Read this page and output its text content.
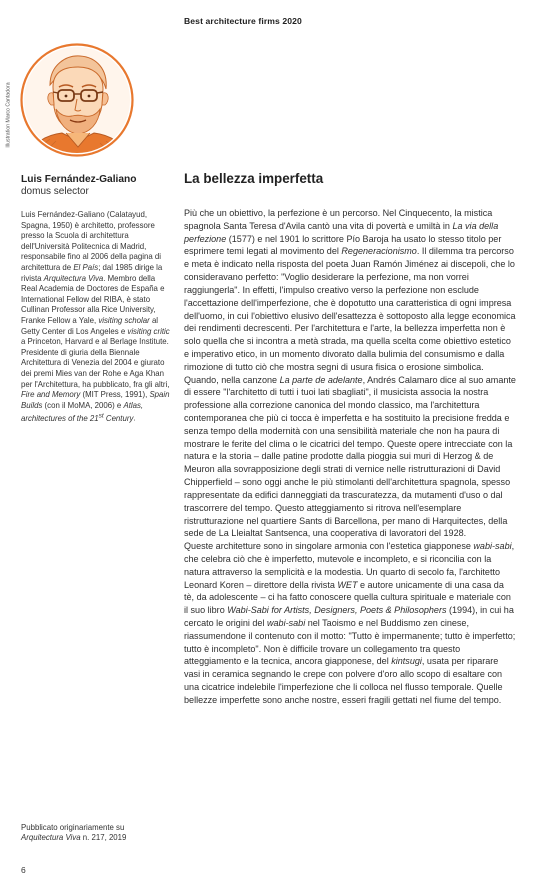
Best architecture firms 2020
Illustration Marco Cantadora
Luis Fernández-Galiano
domus selector
Luis Fernández-Galiano (Calatayud, Spagna, 1950) è architetto, professore presso la Scuola di architettura dell'Università Politecnica di Madrid, responsabile fino al 2006 della pagina di architettura de El País; dal 1985 dirige la rivista Arquitectura Viva. Membro della Real Academia de Doctores de España e International Fellow del RIBA, è stato Cullinan Professor alla Rice University, Franke Fellow a Yale, visiting scholar al Getty Center di Los Angeles e visiting critic a Princeton, Harvard e al Berlage Institute. Presidente di giuria della Biennale Architettura di Venezia del 2004 e giurato dei premi Mies van der Rohe e Aga Khan per l'Architettura, ha pubblicato, fra gli altri, Fire and Memory (MIT Press, 1991), Spain Builds (con il MoMA, 2006) e Atlas, architectures of the 21st Century.
La bellezza imperfetta

Più che un obiettivo, la perfezione è un percorso. Nel Cinquecento, la mistica spagnola Santa Teresa d'Avila cantò una vita di povertà e umiltà in La via della perfezione (1577) e nel 1901 lo scrittore Pío Baroja ha usato lo stesso titolo per esprimere temi legati al movimento del Regeneracionismo. Il dilemma tra percorso e meta è indicato nella risposta del poeta Juan Ramón Jiménez ai discepoli, che lo consideravano perfetto: "Voglio desiderare la perfezione, ma non vorrei raggiungerla". In effetti, l'impulso creativo verso la perfezione non esclude l'accettazione dell'imperfezione, che è dopotutto una caratteristica di ogni impresa dell'uomo, in cui l'obiettivo elusivo dell'esattezza è sottoposto alla legge economica dei rendimenti decrescenti. Per l'architettura e l'arte, la bellezza imperfetta non è solo quella che si incontra a metà strada, ma quella scelta come obiettivo estetico e imperativo etico, in un momento divorato dalla bulimia del consumismo e dalla rimozione di tutto ciò che mostra segni di usura fisica o erosione simbolica.

Quando, nella canzone La parte de adelante, Andrés Calamaro dice al suo amante di essere "l'architetto di tutti i tuoi lati sbagliati", il musicista associa la nostra professione alla correzione canonica del mondo classico, ma l'architettura contemporanea che più ci tocca è imperfetta e ha sostituito la precisione fredda e senza tempo della modernità con una sensibilità materiale che non ha paura di mostrare le ferite del clima o le cicatrici del tempo. Queste opere intrecciate con la natura e la storia – dalle patine prodotte dalla pioggia sui muri di Herzog & de Meuron alla sovrapposizione degli strati di vernice nelle ristrutturazioni di David Chipperfield – sono oggi anche le più stimolanti dell'architettura spagnola, spesso rappresentate da edifici danneggiati da trascuratezza, da mutamenti d'uso o dal trascorrere del tempo. Questo atteggiamento si ritrova nell'esemplare ristrutturazione nel quartiere Sants di Barcellona, per mano di Harquitectes, della sede de La Lleialtat Santsenca, una cooperativa di lavoratori del 1928.

Queste architetture sono in singolare armonia con l'estetica giapponese wabi-sabi, che celebra ciò che è imperfetto, mutevole e incompleto, e si riconcilia con la natura attraverso la semplicità e la modestia. Un quarto di secolo fa, l'architetto Leonard Koren – direttore della rivista WET e autore unicamente di una casa da tè, da adolescente – ci ha fatto conoscere quella cultura spirituale e materiale con il suo libro Wabi-Sabi for Artists, Designers, Poets & Philosophers (1994), in cui ha cercato le origini del wabi-sabi nel Taoismo e nel Buddismo zen cinese, riassumendone il contenuto con il motto: "Tutto è impermanente; tutto è imperfetto; tutto è incompleto". Non è difficile trovare un collegamento tra questo atteggiamento e la tecnica, ancora giapponese, del kintsugi, usata per riparare vasi in ceramica segnando le crepe con polvere d'oro allo scopo di esaltare con una cicatrice indelebile l'imperfezione che li colloca nel flusso temporale. Quelle bellezze imperfette sono anche nostre, esseri fragili gettati nel fiume del tempo.

Pubblicato originariamente su Arquitectura Viva n. 217, 2019
6
